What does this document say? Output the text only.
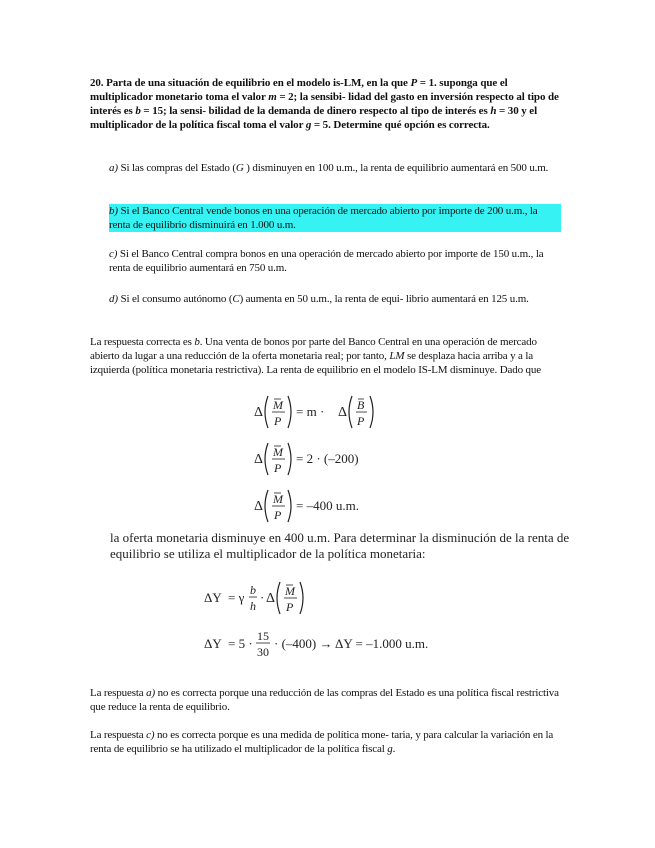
20. Parta de una situación de equilibrio en el modelo is-LM, en la que P = 1. suponga que el multiplicador monetario toma el valor m = 2; la sensibi- lidad del gasto en inversión respecto al tipo de interés es b = 15; la sensi- bilidad de la demanda de dinero respecto al tipo de interés es h = 30 y el multiplicador de la política fiscal toma el valor g = 5. Determine qué opción es correcta.
a) Si las compras del Estado (G ) disminuyen en 100 u.m., la renta de equilibrio aumentará en 500 u.m.
b) Si el Banco Central vende bonos en una operación de mercado abierto por importe de 200 u.m., la renta de equilibrio disminuirá en 1.000 u.m.
c) Si el Banco Central compra bonos en una operación de mercado abierto por importe de 150 u.m., la renta de equilibrio aumentará en 750 u.m.
d) Si el consumo autónomo (C) aumenta en 50 u.m., la renta de equi- librio aumentará en 125 u.m.
La respuesta correcta es b. Una venta de bonos por parte del Banco Central en una operación de mercado abierto da lugar a una reducción de la oferta monetaria real; por tanto, LM se desplaza hacia arriba y a la izquierda (política monetaria restrictiva). La renta de equilibrio en el modelo IS-LM disminuye. Dado que
Δ M
P
= m · Δ B
P
Δ M
P
= 2 · (–200)
Δ M
P
= –400 u.m.
la oferta monetaria disminuye en 400 u.m. Para determinar la disminución de la renta de equilibrio se utiliza el multiplicador de la política monetaria:
ΔY = γ b
h
· Δ M
P
ΔY = 5 · 15
30
· (–400) → ΔY = –1.000 u.m.
La respuesta a) no es correcta porque una reducción de las compras del Estado es una política fiscal restrictiva que reduce la renta de equilibrio.
La respuesta c) no es correcta porque es una medida de política mone- taria, y para calcular la variación en la renta de equilibrio se ha utilizado el multiplicador de la política fiscal g.
